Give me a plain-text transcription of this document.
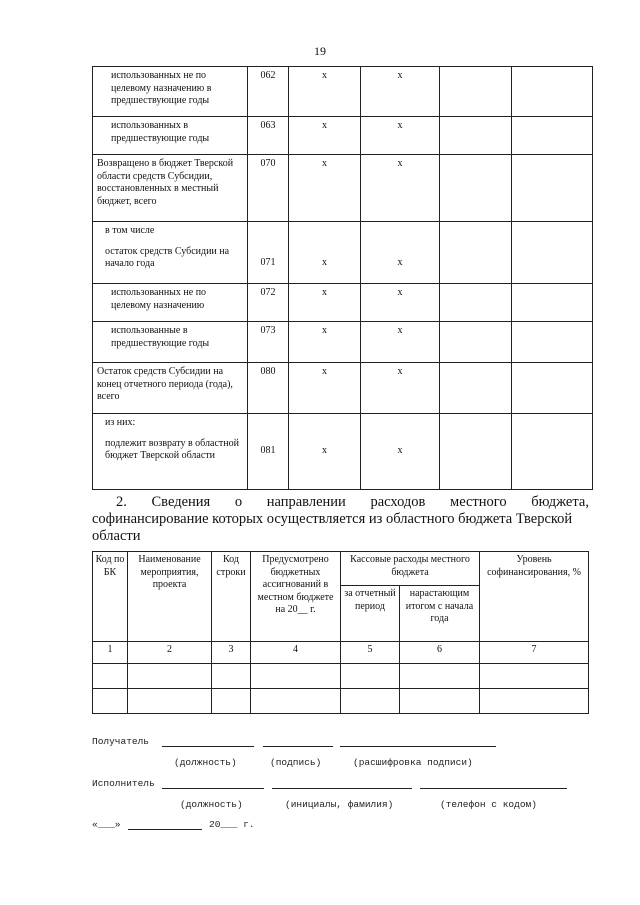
19
использованных не по целевому назначению в предшествующие годы	062	x	x		
использованных в предшествующие годы	063	x	x		
Возвращено в бюджет Тверской области средств Субсидии, восстановленных в местный бюджет, всего	070	x	x		

в том числе
остаток средств Субсидии на начало года	071	x	x		
использованных не по целевому назначению	072	x	x		
использованные в предшествующие годы	073	x	x		
Остаток средств Субсидии на конец отчетного периода (года), всего	080	x	x		

из них:
подлежит возврату в областной бюджет Тверской области	081	x	x		
2. Сведения о направлении расходов местного бюджета,
софинансирование которых осуществляется из областного бюджета Тверской
области
Код по БК	Наименование мероприятия, проекта	Код строки	Предусмотрено бюджетных ассигнований в местном бюджете на 20__ г.	Кассовые расходы местного бюджета		Уровень софинансирования, %
				за отчетный период	нарастающим итогом с начала года	
1	2	3	4	5	6	7

Получатель
(должность)	(подпись)	(расшифровка подписи)
Исполнитель
(должность)	(инициалы, фамилия)	(телефон с кодом)
«___»	20___ г.
